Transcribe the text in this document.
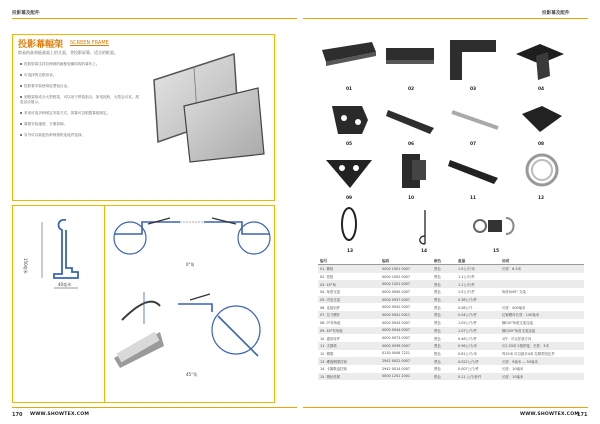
投影幕及配件	投影幕及配件
投影幕幅架 SCREEN FRAME
简易的高效能画架上的支架，背投影屏幕，适合的框架。
投影屏幕支持拉伸到的画框轮廓结构的幕布上。
可选择的边框形状。
投影幕安装使用轻型铝合金。
到框架组成分大型框架，可以用于拼装组合，如电视柜，大型会议室，展览活动展示。
采用可选多种固定安装方式，屏幕可以根据幕框固定。
幕框安装速度，方便拆卸。
另外可以装配各种规格的连接件选择。
150毫米
40毫米
0°角
45°角
01	02	03	04
05	06	07	08
09	10	11	12
13	14	15
编号	编码	颜色	重量	说明
01. 横框	0000 1001 0007	黑色	1.5公斤/米	长度：6.3米
02. 竖框	0000 1002 0007	黑色	1.1公斤/件	
03. 45°角	0000 1201 0007	黑色	1.1公斤/件	
04. 角度支架	0000 0940 0007	黑色	1.5公斤/件	角度0/45° 支架
05. 内连支架	0000 0937 0007	黑色	0.38公斤/件	
06. 连接铝件	0000 0942 0007	黑色	0.08公斤	长度：400毫米
07. 拉力螺杆	0000 0941 0011	黑色	0.04公斤/件	拉紧螺母长度：140毫米
08. 0°转角板	0000 0943 0007	黑色	1.05公斤/件	横向0°角度支架连接
09. 45°转角板	0000 0944 0007	黑色	1.07公斤/件	横向45°角度支架连接
10. 通用转件	0000 0973 0007	黑色	0.48公斤/件	1件：可以任意方向
11. 支撑梁	0000 0939 0007	黑色	0.96公斤/米	长2.33米 2根拼接，长度：3米
12. 钢缆	0130 0006 7221	银色	0.61公斤/米	每25米 可以最多4米 拉紧带固定件
13. 螺旋钢缆挂钩	2942 0022 0007	黑色	0.022公斤/件	长度：9毫米 — 50毫米
14. 卡簧吸盘挂钩	2942 0014 0007	黑色	0.007公斤/件	长度：10毫米
15. 钢丝张紧	0000 1201 2001	银色	0.11 公斤/套件	长度：10毫米
170 WWW.SHOWTEX.COM	WWW.SHOWTEX.COM
171
